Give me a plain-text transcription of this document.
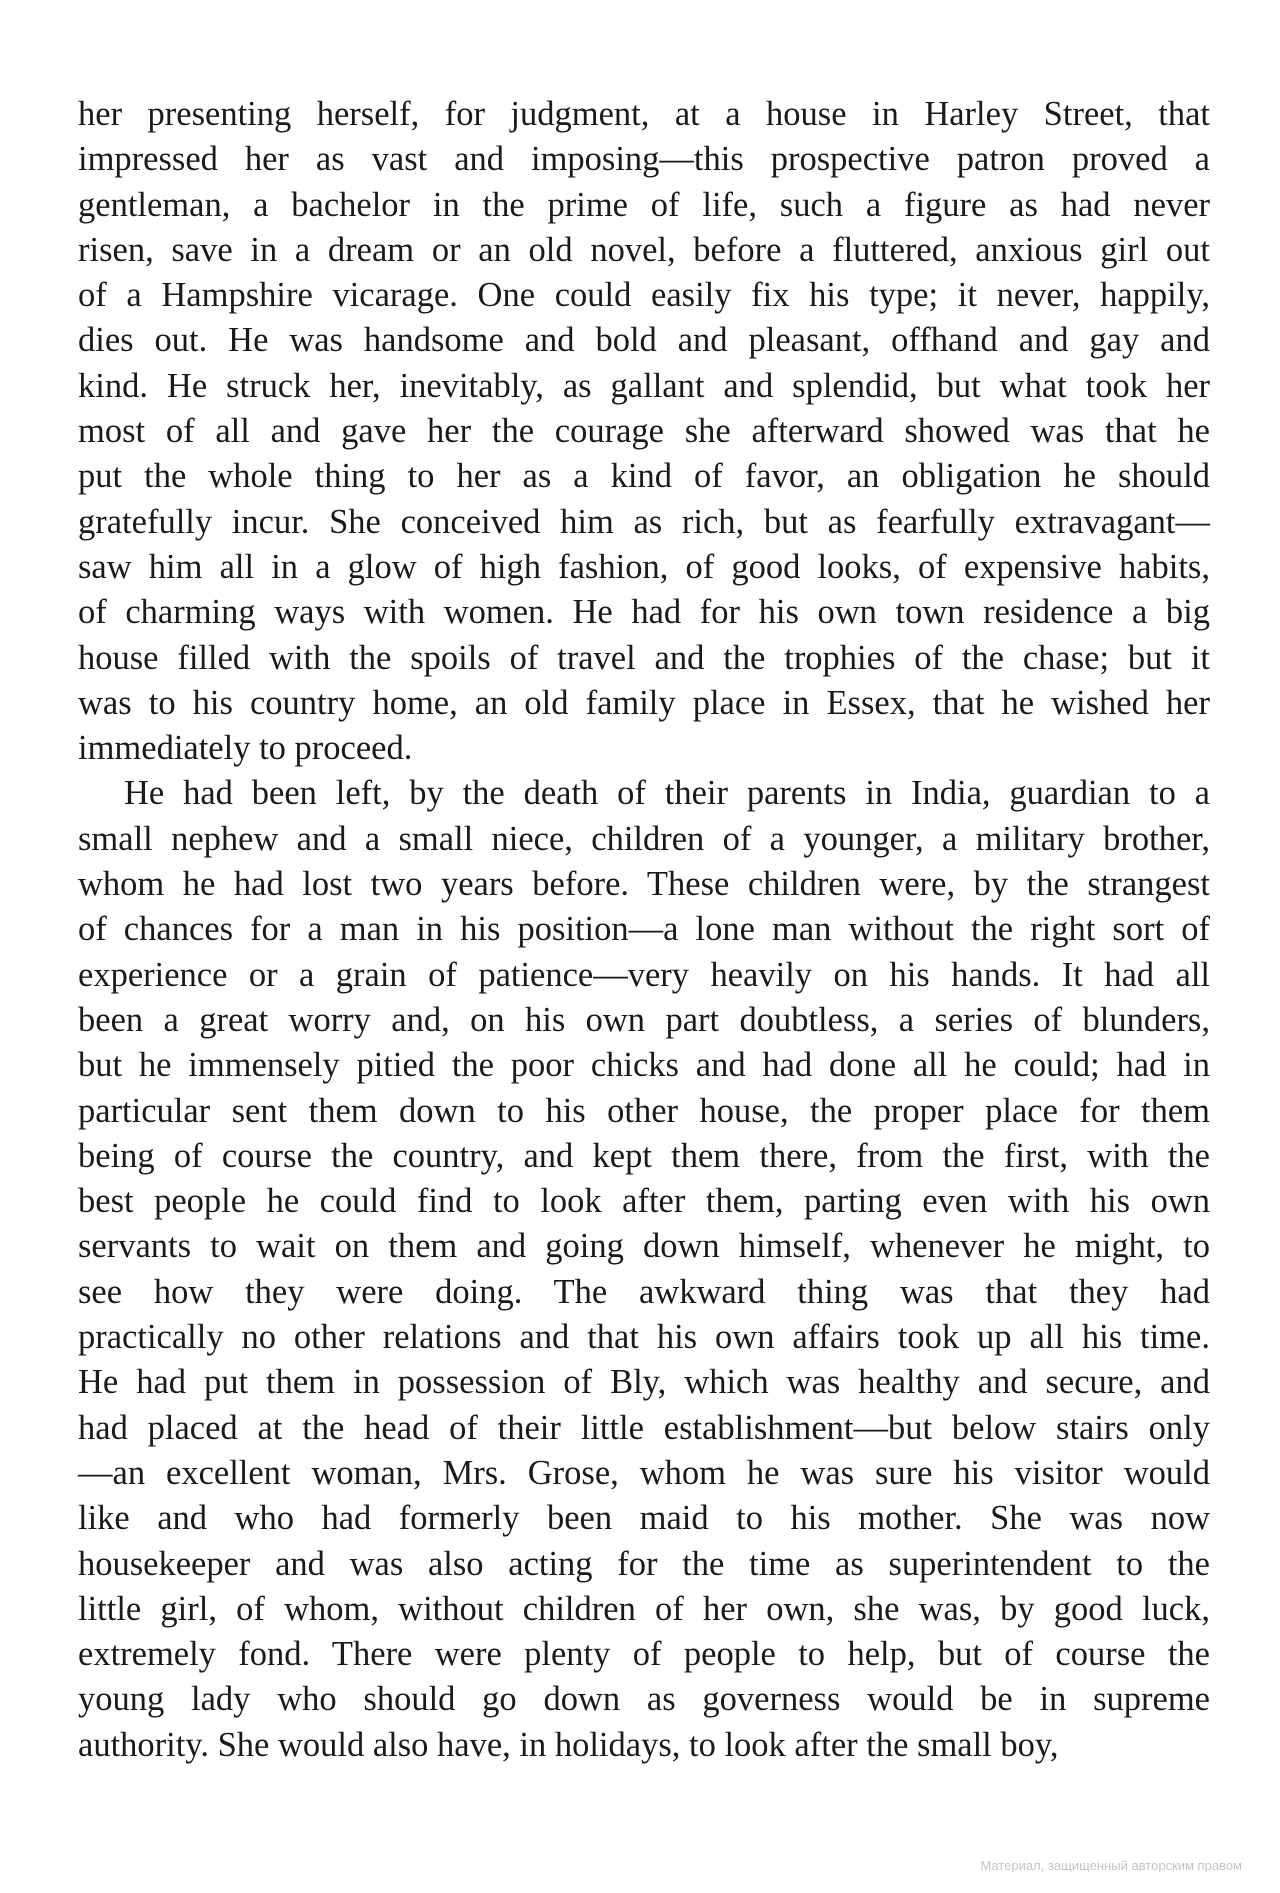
her presenting herself, for judgment, at a house in Harley Street, that
impressed her as vast and imposing—this prospective patron proved a
gentleman, a bachelor in the prime of life, such a figure as had never
risen, save in a dream or an old novel, before a fluttered, anxious girl out
of a Hampshire vicarage. One could easily fix his type; it never, happily,
dies out. He was handsome and bold and pleasant, offhand and gay and
kind. He struck her, inevitably, as gallant and splendid, but what took her
most of all and gave her the courage she afterward showed was that he
put the whole thing to her as a kind of favor, an obligation he should
gratefully incur. She conceived him as rich, but as fearfully extravagant—
saw him all in a glow of high fashion, of good looks, of expensive habits,
of charming ways with women. He had for his own town residence a big
house filled with the spoils of travel and the trophies of the chase; but it
was to his country home, an old family place in Essex, that he wished her
immediately to proceed.
He had been left, by the death of their parents in India, guardian to a
small nephew and a small niece, children of a younger, a military brother,
whom he had lost two years before. These children were, by the strangest
of chances for a man in his position—a lone man without the right sort of
experience or a grain of patience—very heavily on his hands. It had all
been a great worry and, on his own part doubtless, a series of blunders,
but he immensely pitied the poor chicks and had done all he could; had in
particular sent them down to his other house, the proper place for them
being of course the country, and kept them there, from the first, with the
best people he could find to look after them, parting even with his own
servants to wait on them and going down himself, whenever he might, to
see how they were doing. The awkward thing was that they had
practically no other relations and that his own affairs took up all his time.
He had put them in possession of Bly, which was healthy and secure, and
had placed at the head of their little establishment—but below stairs only
—an excellent woman, Mrs. Grose, whom he was sure his visitor would
like and who had formerly been maid to his mother. She was now
housekeeper and was also acting for the time as superintendent to the
little girl, of whom, without children of her own, she was, by good luck,
extremely fond. There were plenty of people to help, but of course the
young lady who should go down as governess would be in supreme
authority. She would also have, in holidays, to look after the small boy,
Материал, защищенный авторским правом
